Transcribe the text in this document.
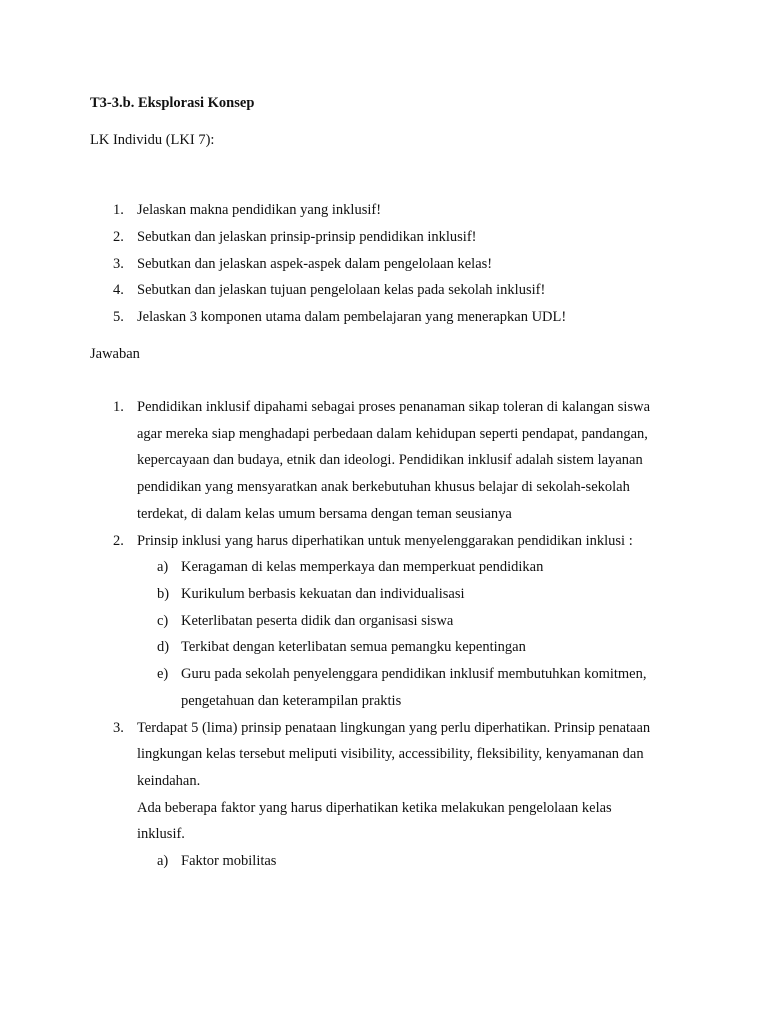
T3-3.b. Eksplorasi Konsep
LK Individu (LKI 7):
1. Jelaskan makna pendidikan yang inklusif!
2. Sebutkan dan jelaskan prinsip-prinsip pendidikan inklusif!
3. Sebutkan dan jelaskan aspek-aspek dalam pengelolaan kelas!
4. Sebutkan dan jelaskan tujuan pengelolaan kelas pada sekolah inklusif!
5. Jelaskan 3 komponen utama dalam pembelajaran yang menerapkan UDL!
Jawaban
1. Pendidikan inklusif dipahami sebagai proses penanaman sikap toleran di kalangan siswa
agar mereka siap menghadapi perbedaan dalam kehidupan seperti pendapat, pandangan,
kepercayaan dan budaya, etnik dan ideologi. Pendidikan inklusif adalah sistem layanan
pendidikan yang mensyaratkan anak berkebutuhan khusus belajar di sekolah-sekolah
terdekat, di dalam kelas umum bersama dengan teman seusianya
2. Prinsip inklusi yang harus diperhatikan untuk menyelenggarakan pendidikan inklusi :
a) Keragaman di kelas memperkaya dan memperkuat pendidikan
b) Kurikulum berbasis kekuatan dan individualisasi
c) Keterlibatan peserta didik dan organisasi siswa
d) Terkibat dengan keterlibatan semua pemangku kepentingan
e) Guru pada sekolah penyelenggara pendidikan inklusif membutuhkan komitmen,
pengetahuan dan keterampilan praktis
3. Terdapat 5 (lima) prinsip penataan lingkungan yang perlu diperhatikan. Prinsip penataan
lingkungan kelas tersebut meliputi visibility, accessibility, fleksibility, kenyamanan dan
keindahan.
Ada beberapa faktor yang harus diperhatikan ketika melakukan pengelolaan kelas
inklusif.
a) Faktor mobilitas
